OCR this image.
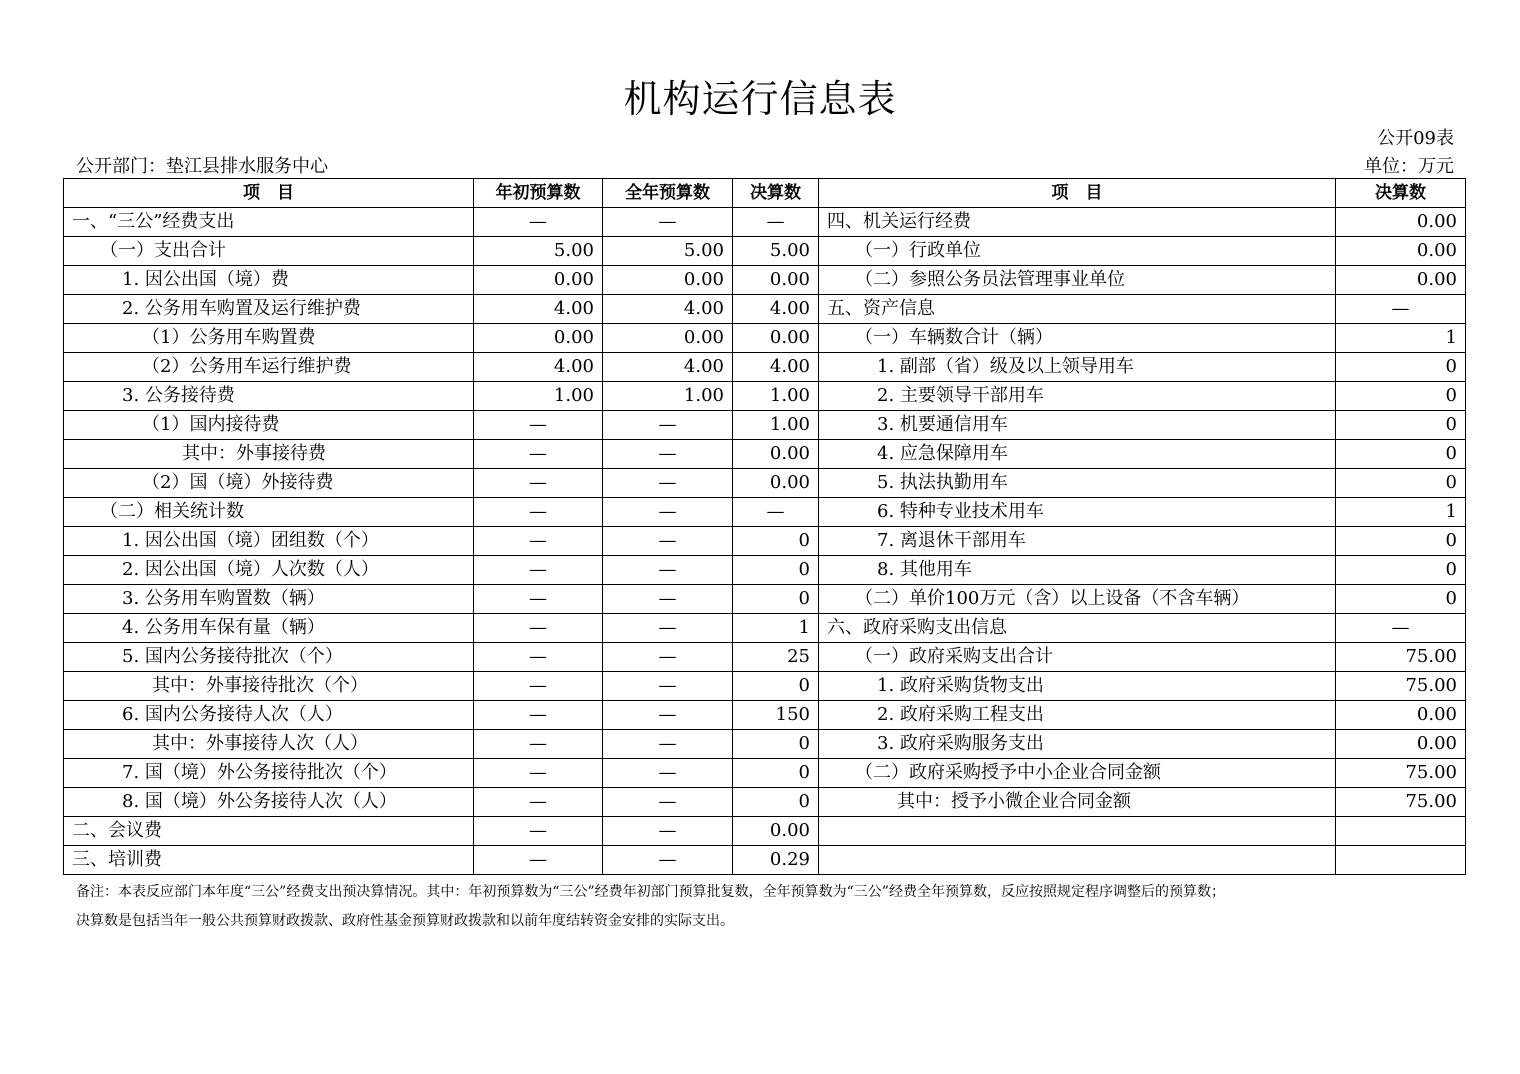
机构运行信息表
公开09表
公开部门：垫江县排水服务中心	单位：万元
项　目	年初预算数	全年预算数	决算数	项　目	决算数
一、“三公”经费支出	—	—	—	四、机关运行经费	0.00
（一）支出合计	5.00	5.00	5.00	（一）行政单位	0.00
1. 因公出国（境）费	0.00	0.00	0.00	（二）参照公务员法管理事业单位	0.00
2. 公务用车购置及运行维护费	4.00	4.00	4.00	五、资产信息	—
（1）公务用车购置费	0.00	0.00	0.00	（一）车辆数合计（辆）	1
（2）公务用车运行维护费	4.00	4.00	4.00	1. 副部（省）级及以上领导用车	0
3. 公务接待费	1.00	1.00	1.00	2. 主要领导干部用车	0
（1）国内接待费	—	—	1.00	3. 机要通信用车	0
其中：外事接待费	—	—	0.00	4. 应急保障用车	0
（2）国（境）外接待费	—	—	0.00	5. 执法执勤用车	0
（二）相关统计数	—	—	—	6. 特种专业技术用车	1
1. 因公出国（境）团组数（个）	—	—	0	7. 离退休干部用车	0
2. 因公出国（境）人次数（人）	—	—	0	8. 其他用车	0
3. 公务用车购置数（辆）	—	—	0	（二）单价100万元（含）以上设备（不含车辆）	0
4. 公务用车保有量（辆）	—	—	1	六、政府采购支出信息	—
5. 国内公务接待批次（个）	—	—	25	（一）政府采购支出合计	75.00
其中：外事接待批次（个）	—	—	0	1. 政府采购货物支出	75.00
6. 国内公务接待人次（人）	—	—	150	2. 政府采购工程支出	0.00
其中：外事接待人次（人）	—	—	0	3. 政府采购服务支出	0.00
7. 国（境）外公务接待批次（个）	—	—	0	（二）政府采购授予中小企业合同金额	75.00
8. 国（境）外公务接待人次（人）	—	—	0	其中：授予小微企业合同金额	75.00
二、会议费	—	—	0.00		
三、培训费	—	—	0.29		
备注：本表反应部门本年度“三公”经费支出预决算情况。其中：年初预算数为“三公”经费年初部门预算批复数，全年预算数为“三公”经费全年预算数，反应按照规定程序调整后的预算数；
决算数是包括当年一般公共预算财政拨款、政府性基金预算财政拨款和以前年度结转资金安排的实际支出。
